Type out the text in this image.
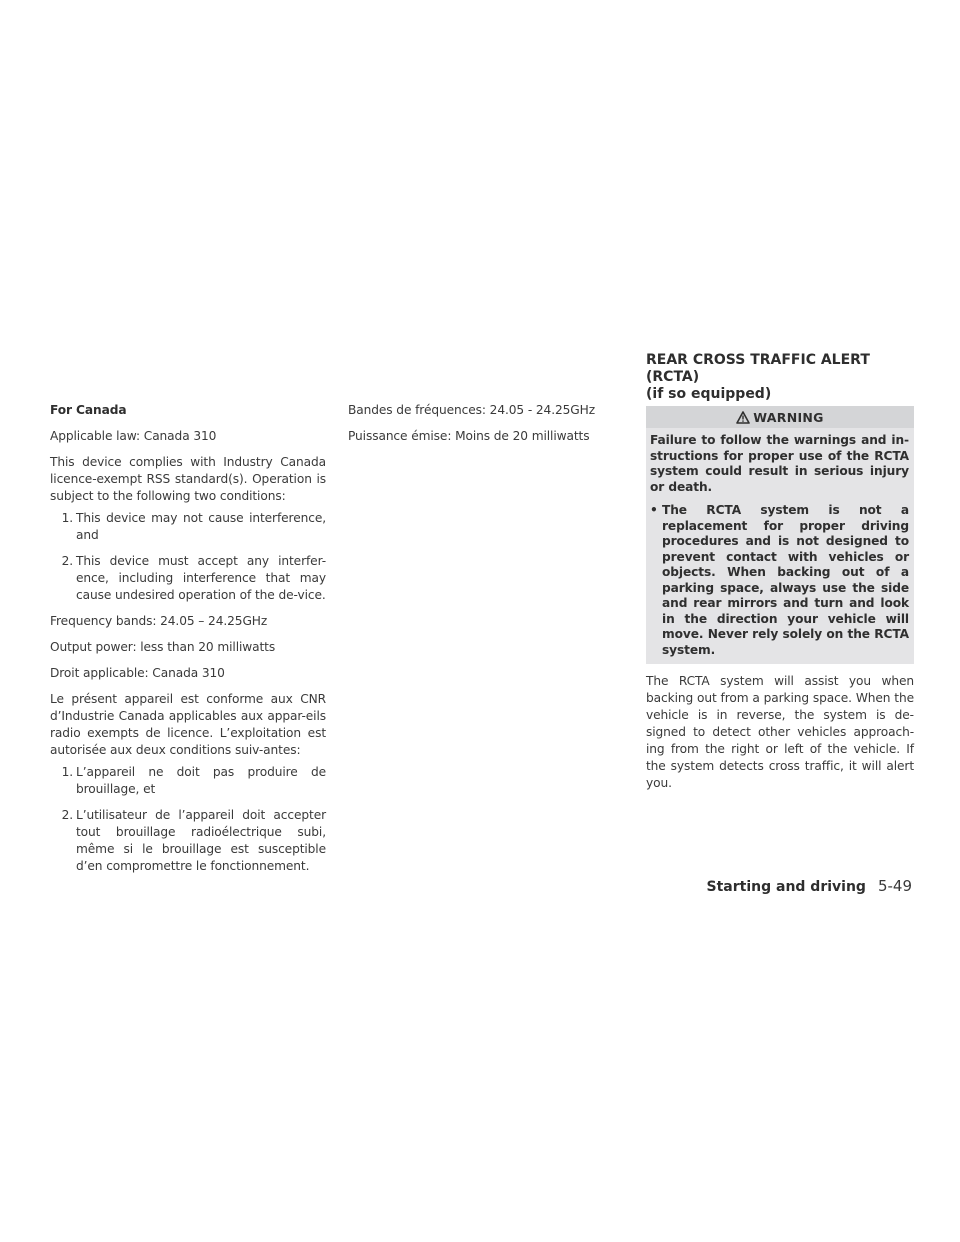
For Canada

Applicable law: Canada 310

This device complies with Industry Canada licence-exempt RSS standard(s). Operation is subject to the following two conditions:

1. This device may not cause interference, and
2. This device must accept any interfer-ence, including interference that may cause undesired operation of the de-vice.

Frequency bands: 24.05 – 24.25GHz

Output power: less than 20 milliwatts

Droit applicable: Canada 310

Le présent appareil est conforme aux CNR d’Industrie Canada applicables aux appar-eils radio exempts de licence. L’exploitation est autorisée aux deux conditions suiv-antes:

1. L’appareil ne doit pas produire de brouillage, et
2. L’utilisateur de l’appareil doit accepter tout brouillage radioélectrique subi, même si le brouillage est susceptible d’en compromettre le fonctionnement.

Bandes de fréquences: 24.05 - 24.25GHz

Puissance émise: Moins de 20 milliwatts

REAR CROSS TRAFFIC ALERT (RCTA)
(if so equipped)
WARNING

Failure to follow the warnings and in-structions for proper use of the RCTA system could result in serious injury or death.

• The RCTA system is not a replacement for proper driving procedures and is not designed to prevent contact with vehicles or objects. When backing out of a parking space, always use the side and rear mirrors and turn and look in the direction your vehicle will move. Never rely solely on the RCTA system.

The RCTA system will assist you when backing out from a parking space. When the vehicle is in reverse, the system is de-signed to detect other vehicles approach-ing from the right or left of the vehicle. If the system detects cross traffic, it will alert you.

Starting and driving 5-49
